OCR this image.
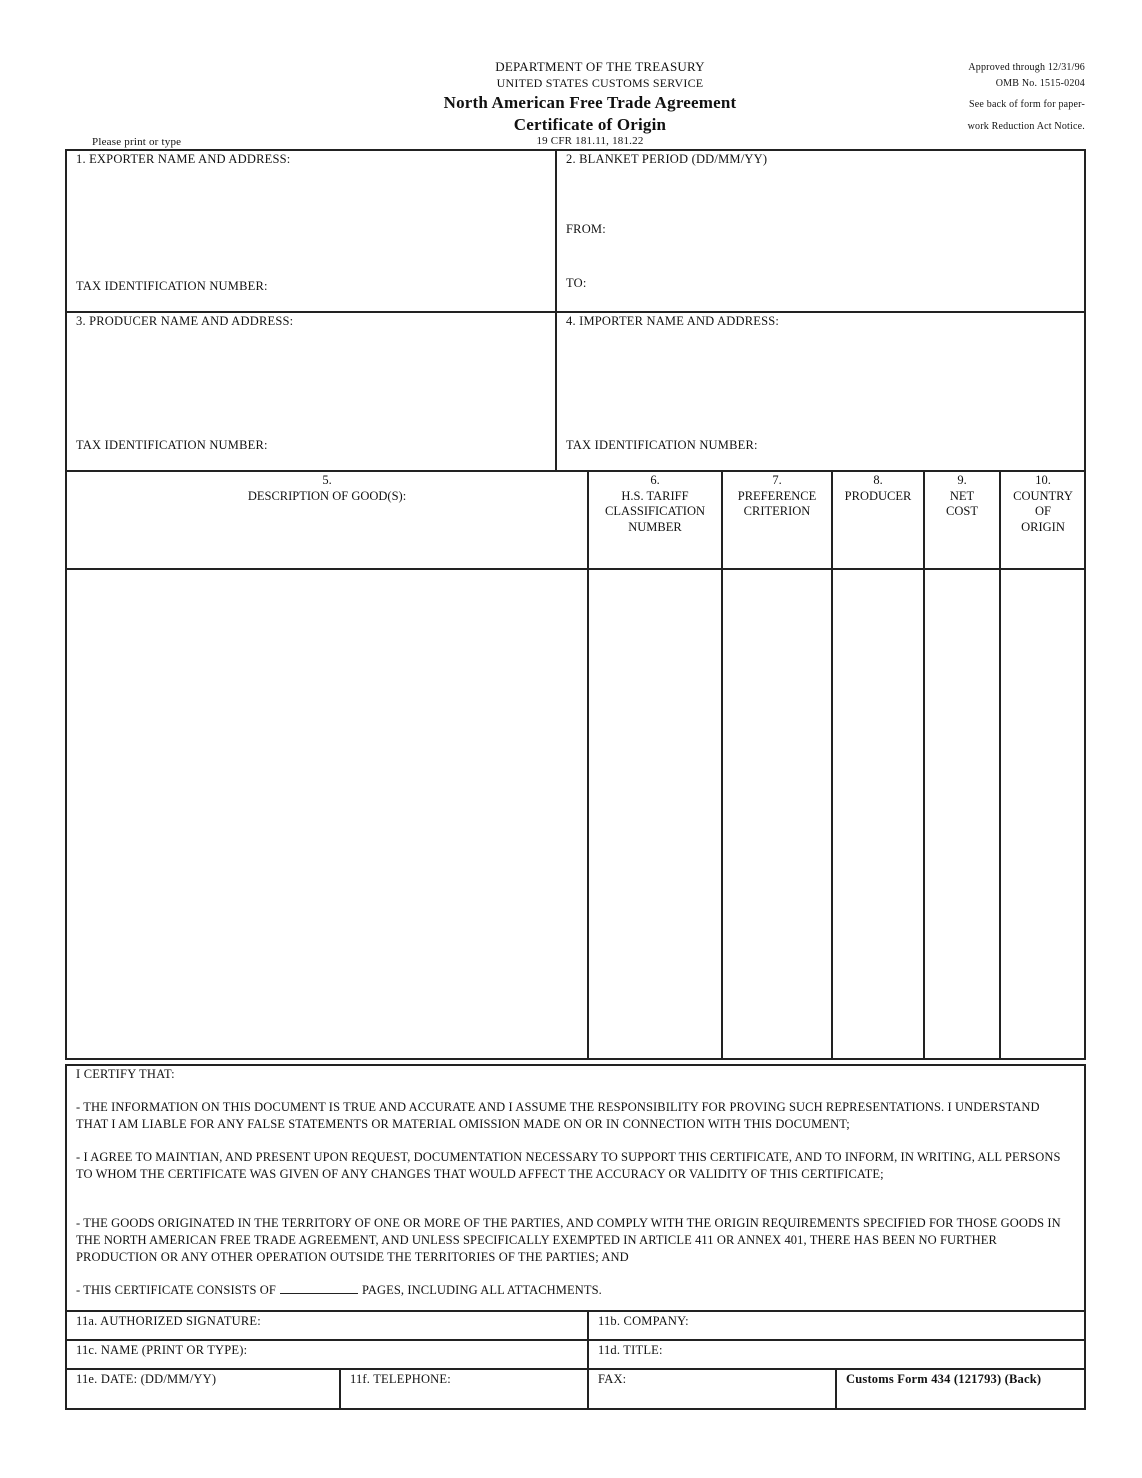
DEPARTMENT OF THE TREASURY
UNITED STATES CUSTOMS SERVICE
North American Free Trade Agreement
Certificate of Origin
19 CFR 181.11, 181.22
Please print or type
Approved through 12/31/96
OMB No. 1515-0204
See back of form for paper-
work Reduction Act Notice.
1. EXPORTER NAME AND ADDRESS:
TAX IDENTIFICATION NUMBER:
2. BLANKET PERIOD (DD/MM/YY)
FROM:
TO:
3. PRODUCER NAME AND ADDRESS:
TAX IDENTIFICATION NUMBER:
4. IMPORTER NAME AND ADDRESS:
TAX IDENTIFICATION NUMBER:
5.
DESCRIPTION OF GOOD(S):
6.
H.S. TARIFF
CLASSIFICATION
NUMBER
7.
PREFERENCE
CRITERION
8.
PRODUCER
9.
NET
COST
10.
COUNTRY
OF
ORIGIN
I CERTIFY THAT:
- THE INFORMATION ON THIS DOCUMENT IS TRUE AND ACCURATE AND I ASSUME THE RESPONSIBILITY FOR PROVING SUCH REPRESENTATIONS. I UNDERSTAND THAT I AM LIABLE FOR ANY FALSE STATEMENTS OR MATERIAL OMISSION MADE ON OR IN CONNECTION WITH THIS DOCUMENT;
- I AGREE TO MAINTIAN, AND PRESENT UPON REQUEST, DOCUMENTATION NECESSARY TO SUPPORT THIS CERTIFICATE, AND TO INFORM, IN WRITING, ALL PERSONS TO WHOM THE CERTIFICATE WAS GIVEN OF ANY CHANGES THAT WOULD AFFECT THE ACCURACY OR VALIDITY OF THIS CERTIFICATE;
- THE GOODS ORIGINATED IN THE TERRITORY OF ONE OR MORE OF THE PARTIES, AND COMPLY WITH THE ORIGIN REQUIREMENTS SPECIFIED FOR THOSE GOODS IN THE NORTH AMERICAN FREE TRADE AGREEMENT, AND UNLESS SPECIFICALLY EXEMPTED IN ARTICLE 411 OR ANNEX 401, THERE HAS BEEN NO FURTHER PRODUCTION OR ANY OTHER OPERATION OUTSIDE THE TERRITORIES OF THE PARTIES; AND
- THIS CERTIFICATE CONSISTS OF	PAGES, INCLUDING ALL ATTACHMENTS.
11a. AUTHORIZED SIGNATURE:	11b. COMPANY:
11c. NAME (PRINT OR TYPE):	11d. TITLE:
11e. DATE: (DD/MM/YY)	11f. TELEPHONE:	FAX:	Customs Form 434 (121793) (Back)
